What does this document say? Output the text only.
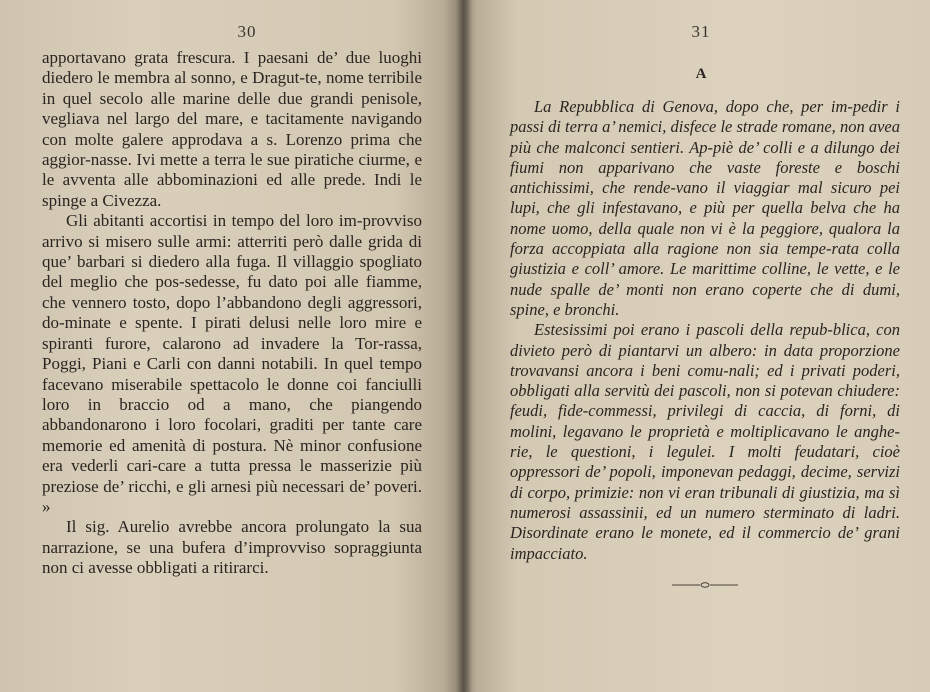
30

apportavano grata frescura. I paesani de’ due luoghi diedero le membra al sonno, e Dragut-te, nome terribile in quel secolo alle marine delle due grandi penisole, vegliava nel largo del mare, e tacitamente navigando con molte galere approdava a s. Lorenzo prima che aggior-nasse. Ivi mette a terra le sue piratiche ciurme, e le avventa alle abbominazioni ed alle prede. Indi le spinge a Civezza.

Gli abitanti accortisi in tempo del loro im-provviso arrivo si misero sulle armi: atterriti però dalle grida di que’ barbari si diedero alla fuga. Il villaggio spogliato del meglio che pos-sedesse, fu dato poi alle fiamme, che vennero tosto, dopo l’abbandono degli aggressori, do-minate e spente. I pirati delusi nelle loro mire e spiranti furore, calarono ad invadere la Tor-rassa, Poggi, Piani e Carli con danni notabili. In quel tempo facevano miserabile spettacolo le donne coi fanciulli loro in braccio od a mano, che piangendo abbandonarono i loro focolari, graditi per tante care memorie ed amenità di postura. Nè minor confusione era vederli cari-care a tutta pressa le masserizie più preziose de’ ricchi, e gli arnesi più necessari de’ poveri. »

Il sig. Aurelio avrebbe ancora prolungato la sua narrazione, se una bufera d’improvviso sopraggiunta non ci avesse obbligati a ritirarci.

31
A

La Repubblica di Genova, dopo che, per im-pedir i passi di terra a’ nemici, disfece le strade romane, non avea più che malconci sentieri. Ap-piè de’ colli e a dilungo dei fiumi non apparivano che vaste foreste e boschi antichissimi, che rende-vano il viaggiar mal sicuro pei lupi, che gli infestavano, e più per quella belva che ha nome uomo, della quale non vi è la peggiore, qualora la forza accoppiata alla ragione non sia tempe-rata colla giustizia e coll’ amore. Le marittime colline, le vette, e le nude spalle de’ monti non erano coperte che di dumi, spine, e bronchi.

Estesissimi poi erano i pascoli della repub-blica, con divieto però di piantarvi un albero: in data proporzione trovavansi ancora i beni comu-nali; ed i privati poderi, obbligati alla servitù dei pascoli, non si potevan chiudere: feudi, fide-commessi, privilegi di caccia, di forni, di molini, legavano le proprietà e moltiplicavano le anghe-rie, le questioni, i legulei. I molti feudatari, cioè oppressori de’ popoli, imponevan pedaggi, decime, servizi di corpo, primizie: non vi eran tribunali di giustizia, ma sì numerosi assassinii, ed un numero sterminato di ladri. Disordinate erano le monete, ed il commercio de’ grani impacciato.
